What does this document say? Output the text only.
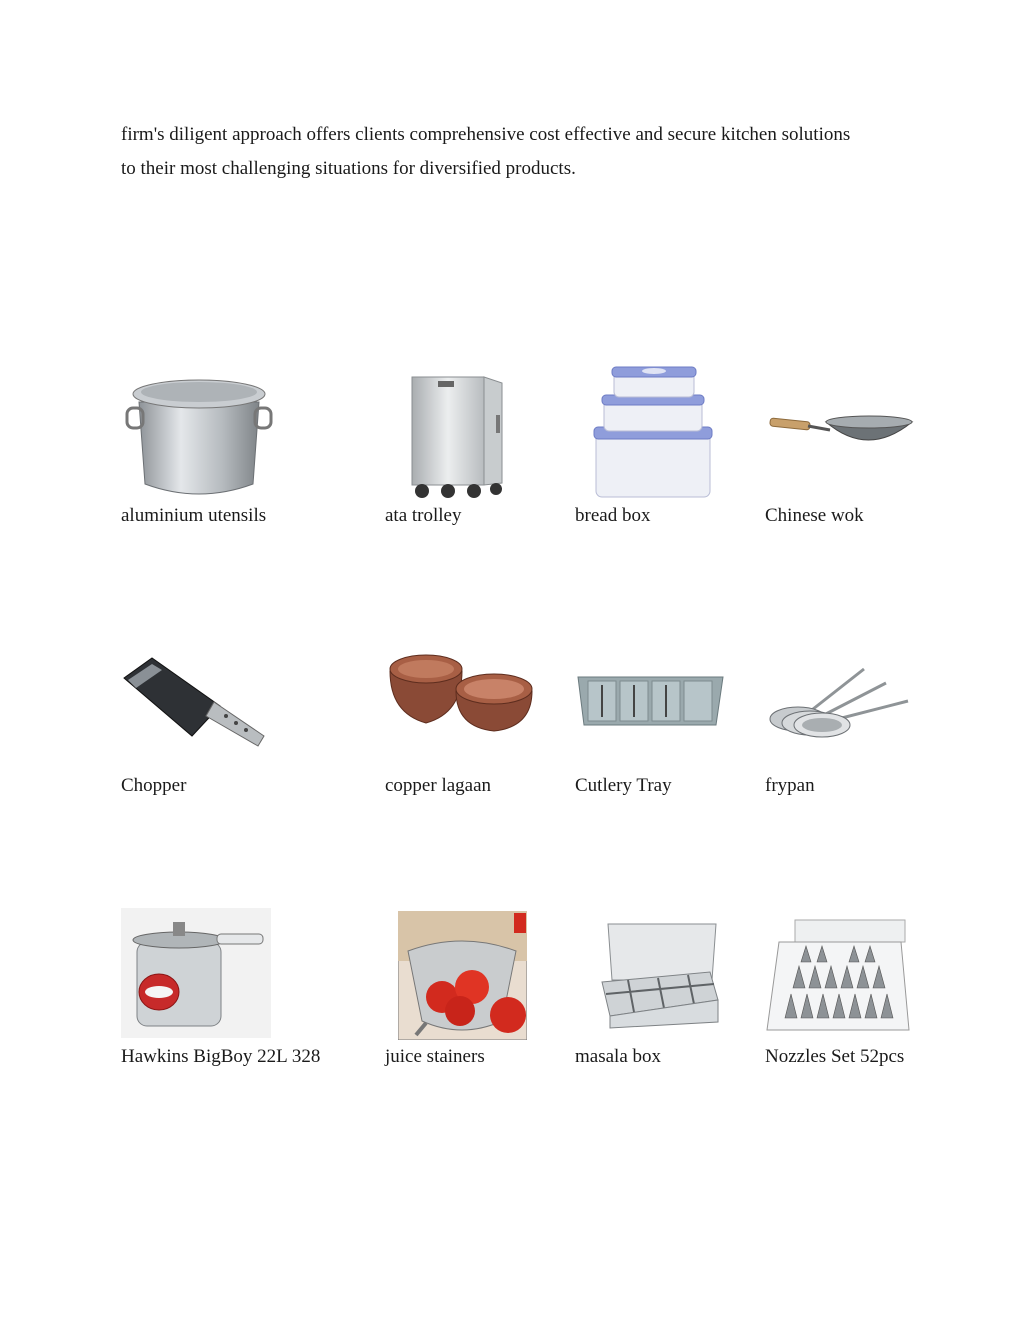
firm's diligent approach offers clients comprehensive cost effective and secure kitchen solutions

to their most challenging situations for diversified products.

aluminium utensils	ata trolley	bread box	Chinese wok
Chopper	copper lagaan	Cutlery Tray	frypan
Hawkins BigBoy 22L 328	juice stainers	masala box	Nozzles Set 52pcs
